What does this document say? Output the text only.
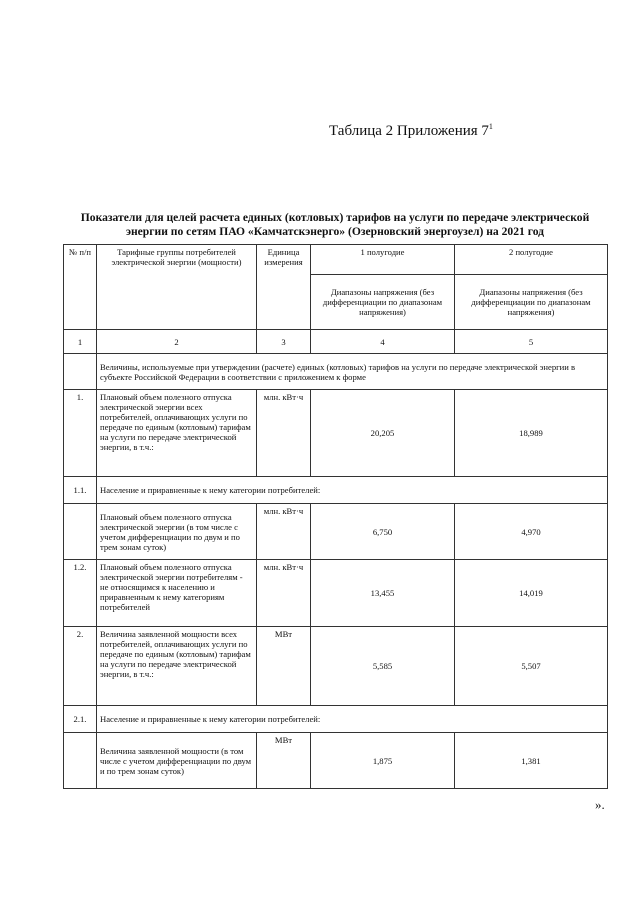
Таблица 2 Приложения $7^1$
Показатели для целей расчета единых (котловых) тарифов на услуги по передаче электрической энергии по сетям ПАО «Камчатскэнерго» (Озерновский энергоузел) на 2021 год
№ п/п	Тарифные группы потребителей электрической энергии (мощности)	Единица измерения	1 полугодие	2 полугодие
			Диапазоны напряжения (без дифференциации по диапазонам напряжения)	Диапазоны напряжения (без дифференциации по диапазонам напряжения)
1	2	3	4	5
	Величины, используемые при утверждении (расчете) единых (котловых) тарифов на услуги по передаче электрической энергии в субъекте Российской Федерации в соответствии с приложением к форме			
1.	Плановый объем полезного отпуска электрической энергии всех потребителей, оплачивающих услуги по передаче по единым (котловым) тарифам на услуги по передаче электрической энергии, в т.ч.:	млн. кВт·ч	20,205	18,989
1.1.	Население и приравненные к нему категории потребителей:			
	Плановый объем полезного отпуска электрической энергии (в том числе с учетом дифференциации по двум и по трем зонам суток)	млн. кВт·ч	6,750	4,970
1.2.	Плановый объем полезного отпуска электрической энергии потребителям - не относящимся к населению и приравненным к нему категориям потребителей	млн. кВт·ч	13,455	14,019
2.	Величина заявленной мощности всех потребителей, оплачивающих услуги по передаче по единым (котловым) тарифам на услуги по передаче электрической энергии, в т.ч.:	МВт	5,585	5,507
2.1.	Население и приравненные к нему категории потребителей:			
	Величина заявленной мощности (в том числе с учетом дифференциации по двум и по трем зонам суток)	МВт	1,875	1,381
».
